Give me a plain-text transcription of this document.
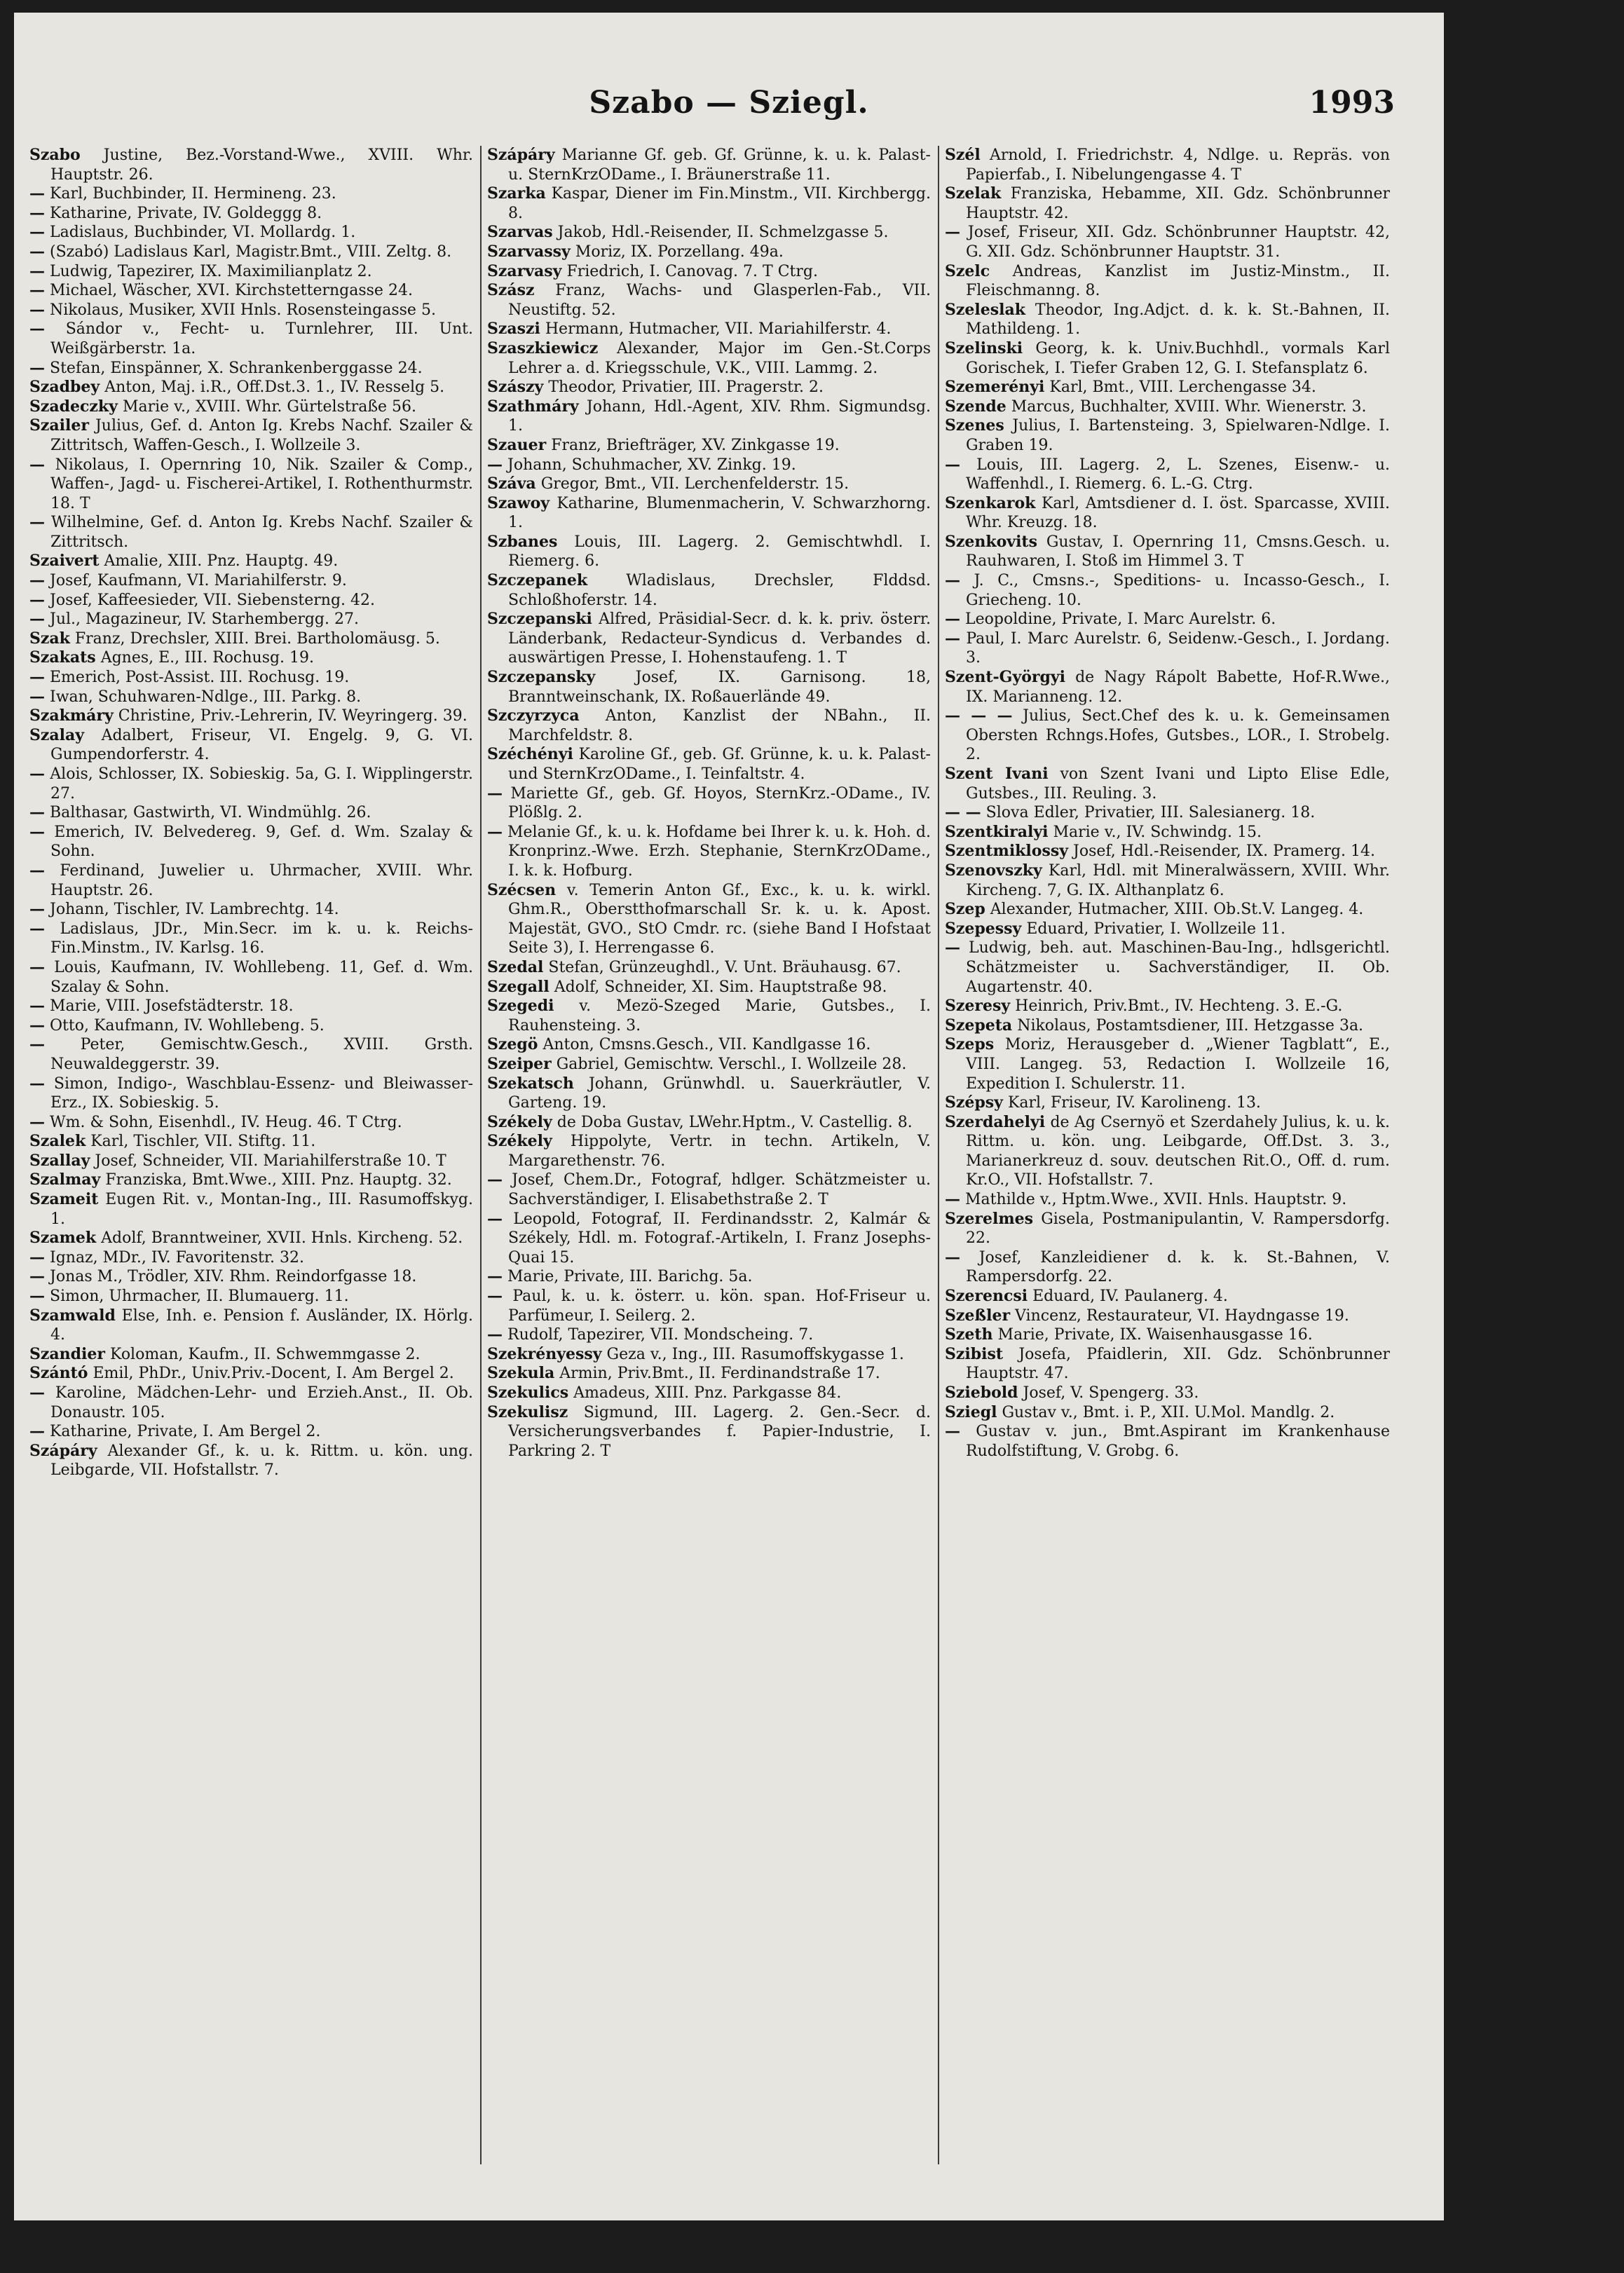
Szabo — Sziegl.	1993

Szabo Justine, Bez.-Vorstand-Wwe., XVIII. Whr. Hauptstr. 26.

— Karl, Buchbinder, II. Hermineng. 23.

— Katharine, Private, IV. Goldeggg 8.

— Ladislaus, Buchbinder, VI. Mollardg. 1.

— (Szabó) Ladislaus Karl, Magistr.Bmt., VIII. Zeltg. 8.

— Ludwig, Tapezirer, IX. Maximilianplatz 2.

— Michael, Wäscher, XVI. Kirchstetterngasse 24.

— Nikolaus, Musiker, XVII Hnls. Rosensteingasse 5.

— Sándor v., Fecht- u. Turnlehrer, III. Unt. Weißgärberstr. 1a.

— Stefan, Einspänner, X. Schrankenberggasse 24.

Szadbey Anton, Maj. i.R., Off.Dst.3. 1., IV. Resselg 5.

Szadeczky Marie v., XVIII. Whr. Gürtelstraße 56.

Szailer Julius, Gef. d. Anton Ig. Krebs Nachf. Szailer & Zittritsch, Waffen-Gesch., I. Wollzeile 3.

— Nikolaus, I. Opernring 10, Nik. Szailer & Comp., Waffen-, Jagd- u. Fischerei-Artikel, I. Rothenthurmstr. 18. T

— Wilhelmine, Gef. d. Anton Ig. Krebs Nachf. Szailer & Zittritsch.

Szaivert Amalie, XIII. Pnz. Hauptg. 49.

— Josef, Kaufmann, VI. Mariahilferstr. 9.

— Josef, Kaffeesieder, VII. Siebensterng. 42.

— Jul., Magazineur, IV. Starhembergg. 27.

Szak Franz, Drechsler, XIII. Brei. Bartholomäusg. 5.

Szakats Agnes, E., III. Rochusg. 19.

— Emerich, Post-Assist. III. Rochusg. 19.

— Iwan, Schuhwaren-Ndlge., III. Parkg. 8.

Szakmáry Christine, Priv.-Lehrerin, IV. Weyringerg. 39.

Szalay Adalbert, Friseur, VI. Engelg. 9, G. VI. Gumpendorferstr. 4.

— Alois, Schlosser, IX. Sobieskig. 5a, G. I. Wipplingerstr. 27.

— Balthasar, Gastwirth, VI. Windmühlg. 26.

— Emerich, IV. Belvedereg. 9, Gef. d. Wm. Szalay & Sohn.

— Ferdinand, Juwelier u. Uhrmacher, XVIII. Whr. Hauptstr. 26.

— Johann, Tischler, IV. Lambrechtg. 14.

— Ladislaus, JDr., Min.Secr. im k. u. k. Reichs-Fin.Minstm., IV. Karlsg. 16.

— Louis, Kaufmann, IV. Wohllebeng. 11, Gef. d. Wm. Szalay & Sohn.

— Marie, VIII. Josefstädterstr. 18.

— Otto, Kaufmann, IV. Wohllebeng. 5.

— Peter, Gemischtw.Gesch., XVIII. Grsth. Neuwaldeggerstr. 39.

— Simon, Indigo-, Waschblau-Essenz- und Bleiwasser-Erz., IX. Sobieskig. 5.

— Wm. & Sohn, Eisenhdl., IV. Heug. 46. T Ctrg.

Szalek Karl, Tischler, VII. Stiftg. 11.

Szallay Josef, Schneider, VII. Mariahilferstraße 10. T

Szalmay Franziska, Bmt.Wwe., XIII. Pnz. Hauptg. 32.

Szameit Eugen Rit. v., Montan-Ing., III. Rasumoffskyg. 1.

Szamek Adolf, Branntweiner, XVII. Hnls. Kircheng. 52.

— Ignaz, MDr., IV. Favoritenstr. 32.

— Jonas M., Trödler, XIV. Rhm. Reindorfgasse 18.

— Simon, Uhrmacher, II. Blumauerg. 11.

Szamwald Else, Inh. e. Pension f. Ausländer, IX. Hörlg. 4.

Szandier Koloman, Kaufm., II. Schwemmgasse 2.

Szántó Emil, PhDr., Univ.Priv.-Docent, I. Am Bergel 2.

— Karoline, Mädchen-Lehr- und Erzieh.Anst., II. Ob. Donaustr. 105.

— Katharine, Private, I. Am Bergel 2.

Szápáry Alexander Gf., k. u. k. Rittm. u. kön. ung. Leibgarde, VII. Hofstallstr. 7.

Szápáry Marianne Gf. geb. Gf. Grünne, k. u. k. Palast- u. SternKrzODame., I. Bräunerstraße 11.

Szarka Kaspar, Diener im Fin.Minstm., VII. Kirchbergg. 8.

Szarvas Jakob, Hdl.-Reisender, II. Schmelzgasse 5.

Szarvassy Moriz, IX. Porzellang. 49a.

Szarvasy Friedrich, I. Canovag. 7. T Ctrg.

Szász Franz, Wachs- und Glasperlen-Fab., VII. Neustiftg. 52.

Szaszi Hermann, Hutmacher, VII. Mariahilferstr. 4.

Szaszkiewicz Alexander, Major im Gen.-St.Corps Lehrer a. d. Kriegsschule, V.K., VIII. Lammg. 2.

Szászy Theodor, Privatier, III. Pragerstr. 2.

Szathmáry Johann, Hdl.-Agent, XIV. Rhm. Sigmundsg. 1.

Szauer Franz, Briefträger, XV. Zinkgasse 19.

— Johann, Schuhmacher, XV. Zinkg. 19.

Száva Gregor, Bmt., VII. Lerchenfelderstr. 15.

Szawoy Katharine, Blumenmacherin, V. Schwarzhorng. 1.

Szbanes Louis, III. Lagerg. 2. Gemischtwhdl. I. Riemerg. 6.

Szczepanek	Wladislaus, Drechsler, Flddsd. Schloßhoferstr. 14.

Szczepanski Alfred, Präsidial-Secr. d. k. k. priv. österr. Länderbank, Redacteur-Syndicus d. Verbandes d. auswärtigen Presse, I. Hohenstaufeng. 1. T

Szczepansky	Josef, IX. Garnisong. 18, Branntweinschank, IX. Roßauerlände 49.

Szczyrzyca Anton, Kanzlist der NBahn., II. Marchfeldstr. 8.

Széchényi Karoline Gf., geb. Gf. Grünne, k. u. k. Palast- und SternKrzODame., I. Teinfaltstr. 4.

— Mariette Gf., geb. Gf. Hoyos, SternKrz.-ODame., IV. Plößlg. 2.

— Melanie Gf., k. u. k. Hofdame bei Ihrer k. u. k. Hoh. d. Kronprinz.-Wwe. Erzh. Stephanie, SternKrzODame., I. k. k. Hofburg.

Szécsen v. Temerin Anton Gf., Exc., k. u. k. wirkl. Ghm.R., Oberstthofmarschall Sr. k. u. k. Apost. Majestät, GVO., StO Cmdr. rc. (siehe Band I Hofstaat Seite 3), I. Herrengasse 6.

Szedal Stefan, Grünzeughdl., V. Unt. Bräuhausg. 67.

Szegall Adolf, Schneider, XI. Sim. Hauptstraße 98.

Szegedi v. Mezö-Szeged Marie, Gutsbes., I. Rauhensteing. 3.

Szegö Anton, Cmsns.Gesch., VII. Kandlgasse 16.

Szeiper Gabriel, Gemischtw. Verschl., I. Wollzeile 28.

Szekatsch Johann, Grünwhdl. u. Sauerkräutler, V. Garteng. 19.

Székely de Doba Gustav, LWehr.Hptm., V. Castellig. 8.

Székely Hippolyte, Vertr. in techn. Artikeln, V. Margarethenstr. 76.

— Josef, Chem.Dr., Fotograf, hdlger. Schätzmeister u. Sachverständiger, I. Elisabethstraße 2. T

— Leopold, Fotograf, II. Ferdinandsstr. 2, Kalmár & Székely, Hdl. m. Fotograf.-Artikeln, I. Franz Josephs-Quai 15.

— Marie, Private, III. Barichg. 5a.

— Paul, k. u. k. österr. u. kön. span. Hof-Friseur u. Parfümeur, I. Seilerg. 2.

— Rudolf, Tapezirer, VII. Mondscheing. 7.

Szekrényessy Geza v., Ing., III. Rasumoffskygasse 1.

Szekula Armin, Priv.Bmt., II. Ferdinandstraße 17.

Szekulics Amadeus, XIII. Pnz. Parkgasse 84.

Szekulisz Sigmund, III. Lagerg. 2. Gen.-Secr. d. Versicherungsverbandes f. Papier-Industrie, I. Parkring 2. T

Szél Arnold, I. Friedrichstr. 4, Ndlge. u. Repräs. von Papierfab., I. Nibelungengasse 4. T

Szelak Franziska, Hebamme, XII. Gdz. Schönbrunner Hauptstr. 42.

— Josef, Friseur, XII. Gdz. Schönbrunner Hauptstr. 42, G. XII. Gdz. Schönbrunner Hauptstr. 31.

Szelc Andreas, Kanzlist im Justiz-Minstm., II. Fleischmanng. 8.

Szeleslak Theodor, Ing.Adjct. d. k. k. St.-Bahnen, II. Mathildeng. 1.

Szelinski Georg, k. k. Univ.Buchhdl., vormals Karl Gorischek, I. Tiefer Graben 12, G. I. Stefansplatz 6.

Szemerényi Karl, Bmt., VIII. Lerchengasse 34.

Szende Marcus, Buchhalter, XVIII. Whr. Wienerstr. 3.

Szenes Julius, I. Bartensteing. 3, Spielwaren-Ndlge. I. Graben 19.

— Louis, III. Lagerg. 2, L. Szenes, Eisenw.- u. Waffenhdl., I. Riemerg. 6. L.-G. Ctrg.

Szenkarok Karl, Amtsdiener d. I. öst. Sparcasse, XVIII. Whr. Kreuzg. 18.

Szenkovits Gustav, I. Opernring 11, Cmsns.Gesch. u. Rauhwaren, I. Stoß im Himmel 3. T

— J. C., Cmsns.-, Speditions- u. Incasso-Gesch., I. Griecheng. 10.

— Leopoldine, Private, I. Marc Aurelstr. 6.

— Paul, I. Marc Aurelstr. 6, Seidenw.-Gesch., I. Jordang. 3.

Szent-Györgyi de Nagy Rápolt Babette, Hof-R.Wwe., IX. Marianneng. 12.

— — — Julius, Sect.Chef des k. u. k. Gemeinsamen Obersten Rchngs.Hofes, Gutsbes., LOR., I. Strobelg. 2.

Szent Ivani von Szent Ivani und Lipto Elise Edle, Gutsbes., III. Reuling. 3.

— — Slova Edler, Privatier, III. Salesianerg. 18.

Szentkiralyi Marie v., IV. Schwindg. 15.

Szentmiklossy Josef, Hdl.-Reisender, IX. Pramerg. 14.

Szenovszky Karl, Hdl. mit Mineralwässern, XVIII. Whr. Kircheng. 7, G. IX. Althanplatz 6.

Szep Alexander, Hutmacher, XIII. Ob.St.V. Langeg. 4.

Szepessy Eduard, Privatier, I. Wollzeile 11.

— Ludwig, beh. aut. Maschinen-Bau-Ing., hdlsgerichtl. Schätzmeister u. Sachverständiger, II. Ob. Augartenstr. 40.

Szeresy Heinrich, Priv.Bmt., IV. Hechteng. 3. E.-G.

Szepeta Nikolaus, Postamtsdiener, III. Hetzgasse 3a.

Szeps Moriz, Herausgeber d. „Wiener Tagblatt“, E., VIII. Langeg. 53, Redaction I. Wollzeile 16, Expedition I. Schulerstr. 11.

Szépsy Karl, Friseur, IV. Karolineng. 13.

Szerdahelyi de Ag Csernyö et Szerdahely Julius, k. u. k. Rittm. u. kön. ung. Leibgarde, Off.Dst. 3. 3., Marianerkreuz d. souv. deutschen Rit.O., Off. d. rum. Kr.O., VII. Hofstallstr. 7.

— Mathilde v., Hptm.Wwe., XVII. Hnls. Hauptstr. 9.

Szerelmes Gisela, Postmanipulantin, V. Rampersdorfg. 22.

— Josef, Kanzleidiener d. k. k. St.-Bahnen, V. Rampersdorfg. 22.

Szerencsi Eduard, IV. Paulanerg. 4.

Szeßler Vincenz, Restaurateur, VI. Haydngasse 19.

Szeth Marie, Private, IX. Waisenhausgasse 16.

Szibist Josefa, Pfaidlerin, XII. Gdz. Schönbrunner Hauptstr. 47.

Sziebold Josef, V. Spengerg. 33.

Sziegl Gustav v., Bmt. i. P., XII. U.Mol. Mandlg. 2.

— Gustav v. jun., Bmt.Aspirant im Krankenhause Rudolfstiftung, V. Grobg. 6.
